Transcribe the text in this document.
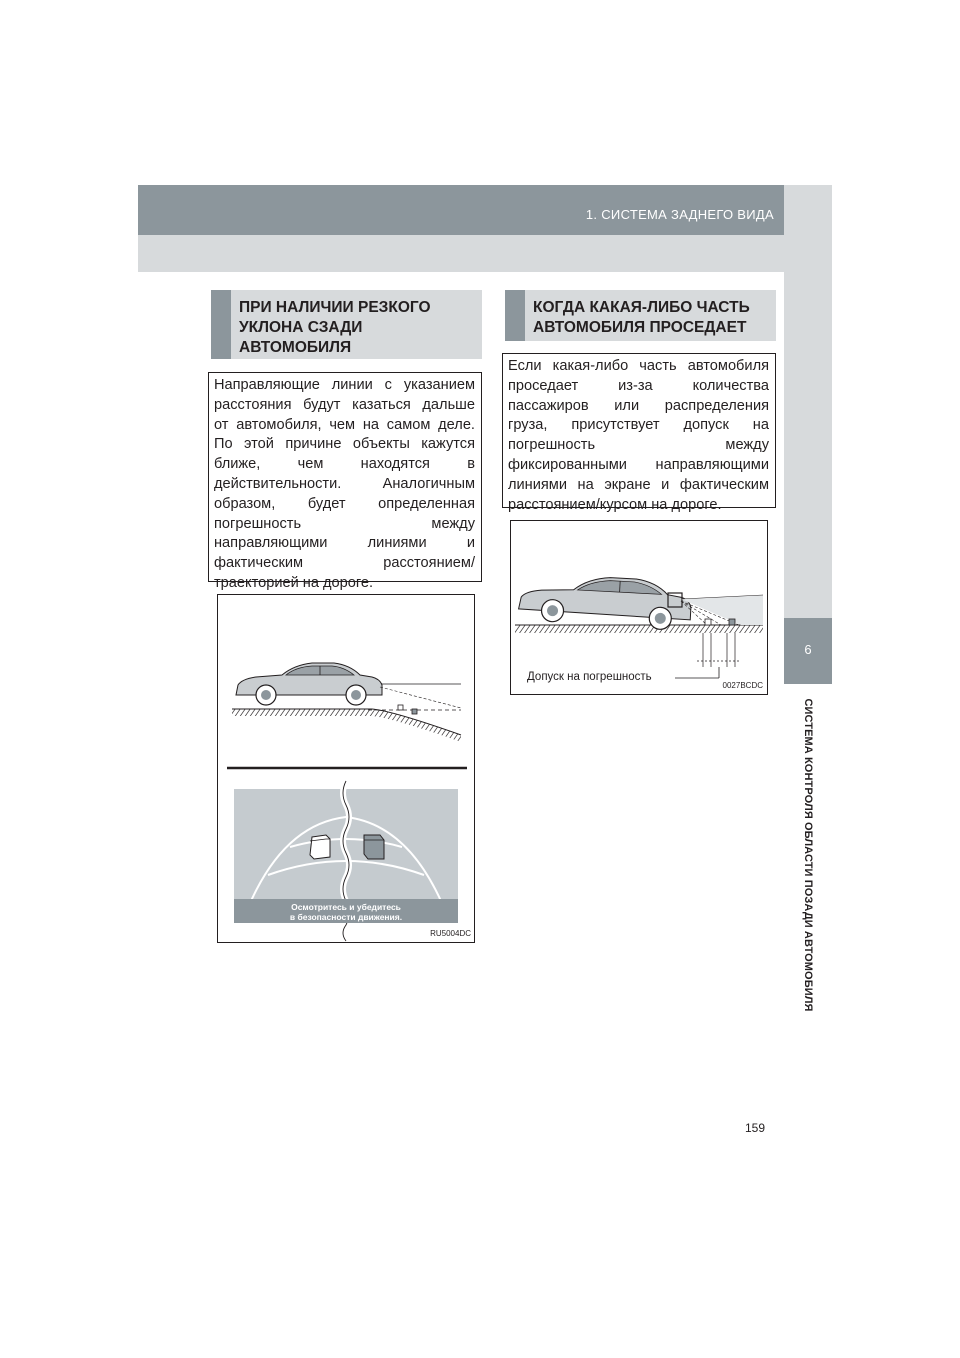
1. СИСТЕМА ЗАДНЕГО ВИДА
6
СИСТЕМА КОНТРОЛЯ ОБЛАСТИ ПОЗАДИ АВТОМОБИЛЯ
ПРИ НАЛИЧИИ РЕЗКОГО
УКЛОНА СЗАДИ
АВТОМОБИЛЯ

Направляющие линии с указанием
расстояния будут казаться дальше
от автомобиля, чем на самом деле.
По этой причине объекты кажутся
ближе, чем находятся в
действительности. Аналогичным
образом, будет определенная
погрешность между
направляющими линиями и
фактическим расстоянием/
траекторией на дороге.

Осмотритесь и убедитесь
в безопасности движения.
RU5004DC
КОГДА КАКАЯ-ЛИБО ЧАСТЬ
АВТОМОБИЛЯ ПРОСЕДАЕТ

Если какая-либо часть автомобиля
проседает из-за количества
пассажиров или распределения
груза, присутствует допуск на
погрешность между
фиксированными направляющими
линиями на экране и фактическим
расстоянием/курсом на дороге.

Допуск на погрешность
0027BCDC
159
